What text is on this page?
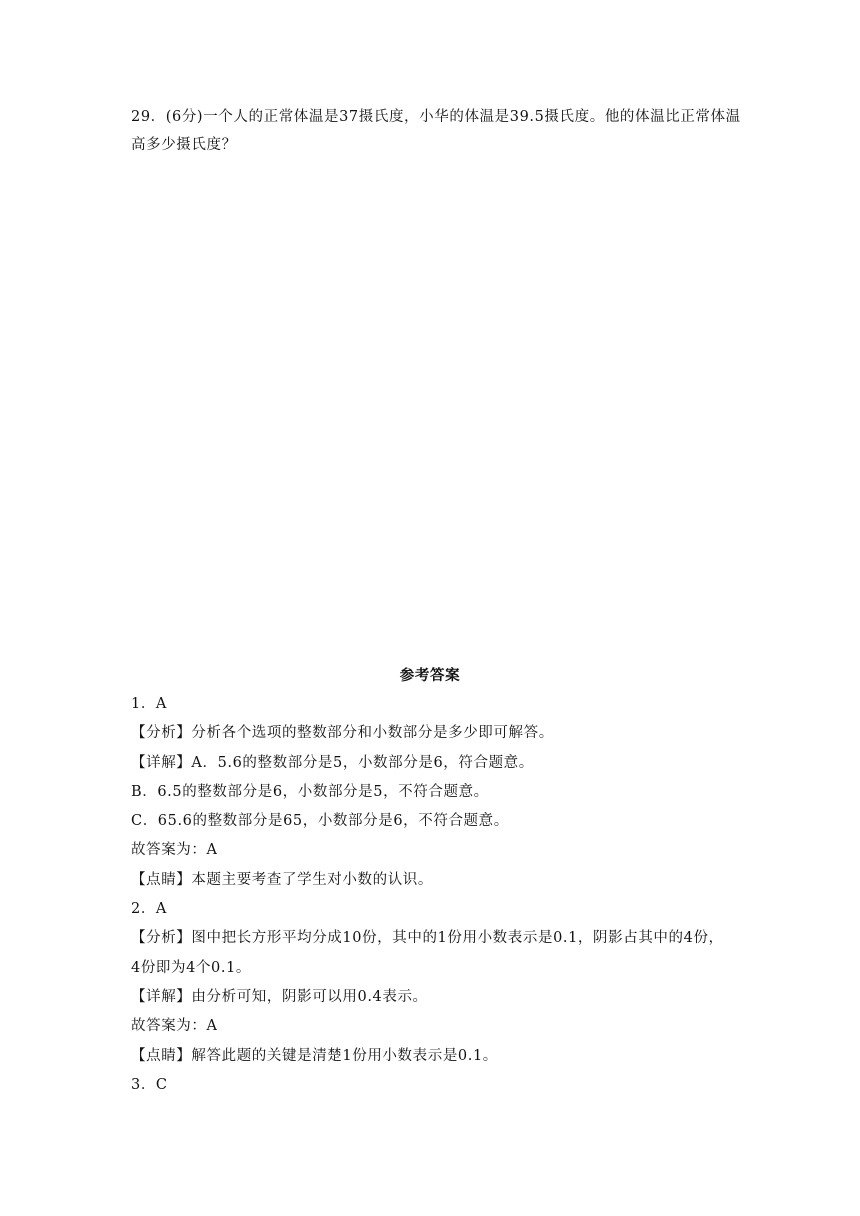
29．(6分)一个人的正常体温是37摄氏度，小华的体温是39.5摄氏度。他的体温比正常体温高多少摄氏度？
参考答案
1．A
【分析】分析各个选项的整数部分和小数部分是多少即可解答。
【详解】A．5.6的整数部分是5，小数部分是6，符合题意。
B．6.5的整数部分是6，小数部分是5，不符合题意。
C．65.6的整数部分是65，小数部分是6，不符合题意。
故答案为：A
【点睛】本题主要考查了学生对小数的认识。
2．A
【分析】图中把长方形平均分成10份，其中的1份用小数表示是0.1，阴影占其中的4份，
4份即为4个0.1。
【详解】由分析可知，阴影可以用0.4表示。
故答案为：A
【点睛】解答此题的关键是清楚1份用小数表示是0.1。
3．C
